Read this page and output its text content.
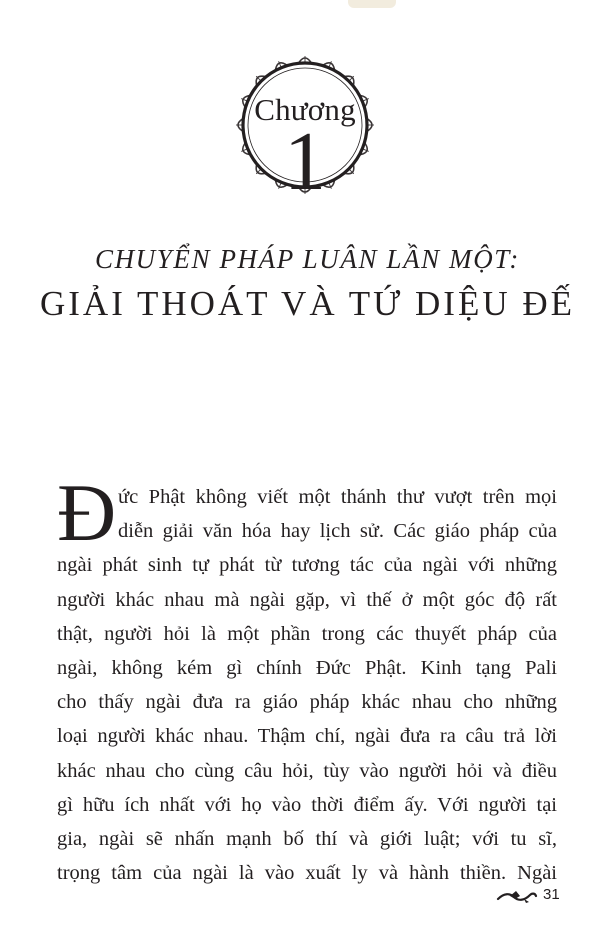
Chương
1
CHUYỂN PHÁP LUÂN LẦN MỘT:
GIẢI THOÁT VÀ TỨ DIỆU ĐẾ
Đ ức Phật không viết một thánh thư vượt trên mọi
diễn giải văn hóa hay lịch sử. Các giáo pháp của
ngài phát sinh tự phát từ tương tác của ngài với những
người khác nhau mà ngài gặp, vì thế ở một góc độ rất
thật, người hỏi là một phần trong các thuyết pháp của
ngài, không kém gì chính Đức Phật. Kinh tạng Pali
cho thấy ngài đưa ra giáo pháp khác nhau cho những
loại người khác nhau. Thậm chí, ngài đưa ra câu trả lời
khác nhau cho cùng câu hỏi, tùy vào người hỏi và điều
gì hữu ích nhất với họ vào thời điểm ấy. Với người tại
gia, ngài sẽ nhấn mạnh bố thí và giới luật; với tu sĩ,
trọng tâm của ngài là vào xuất ly và hành thiền. Ngài
31
